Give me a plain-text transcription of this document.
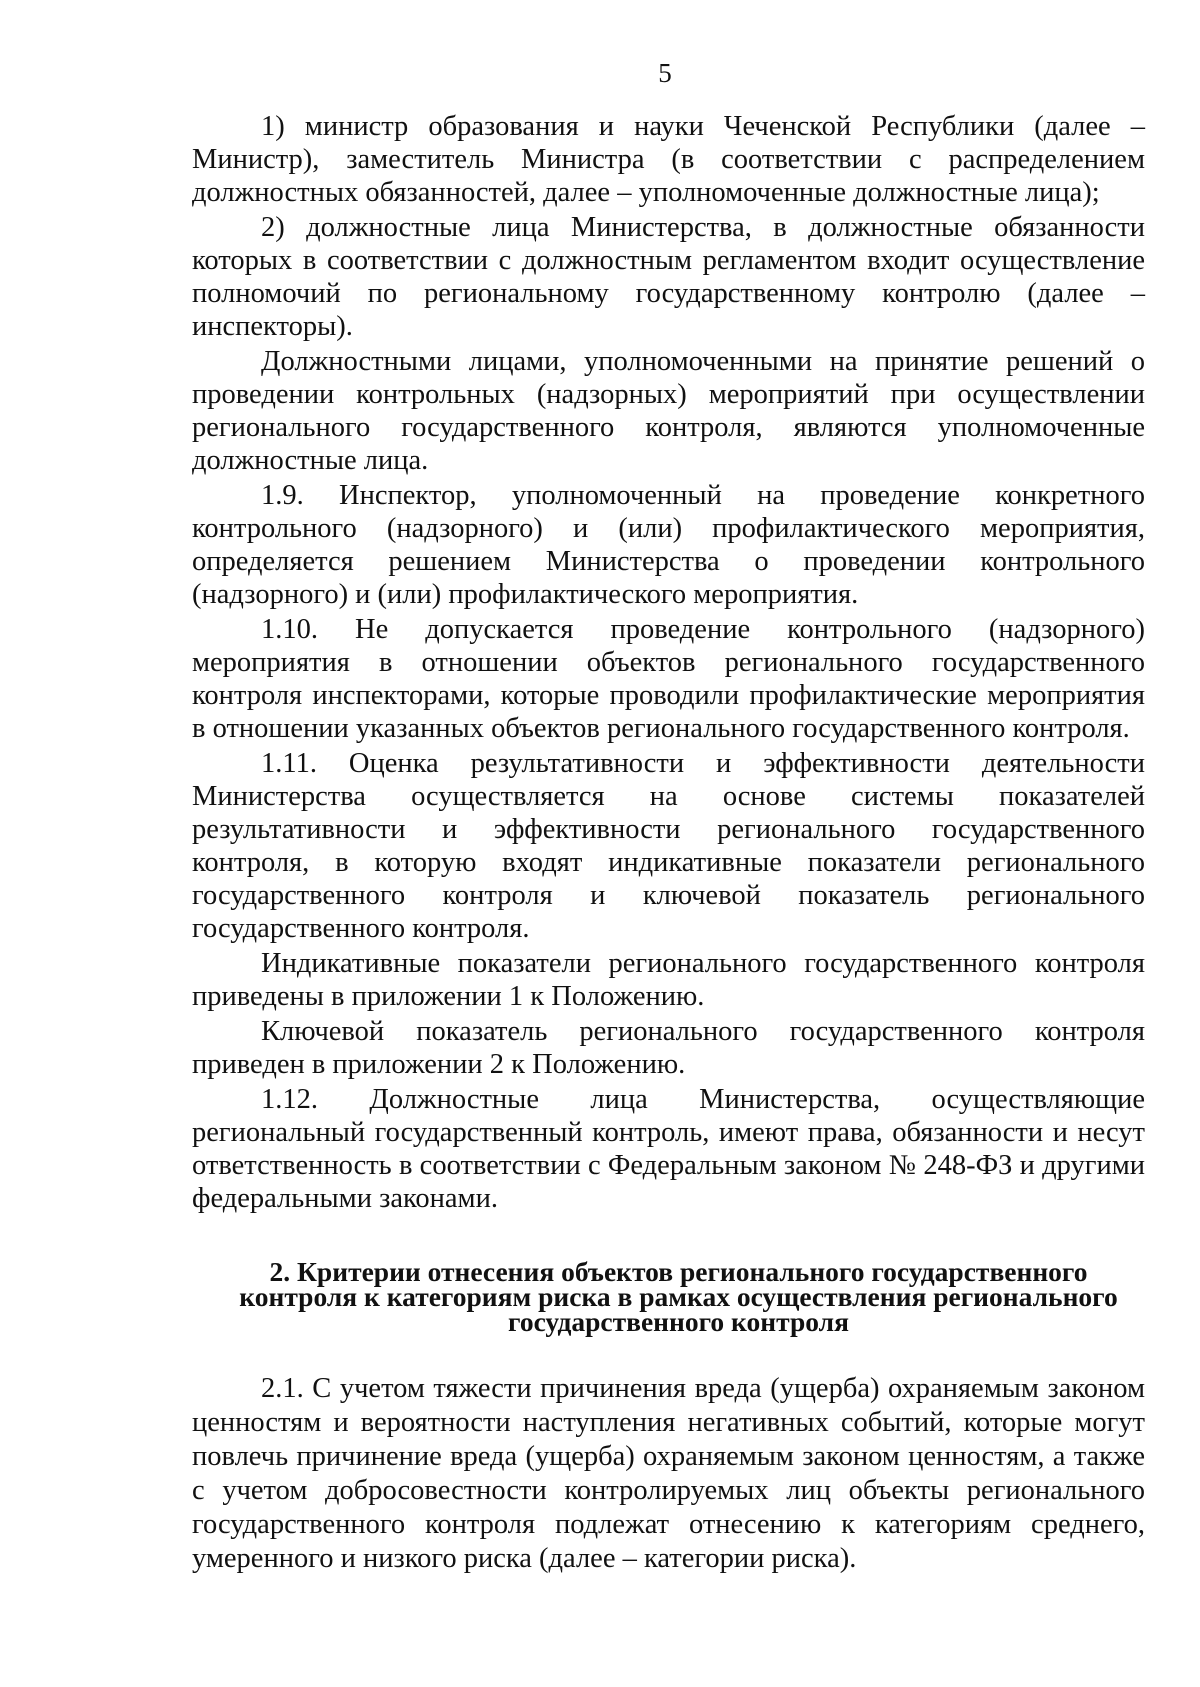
5

1) министр образования и науки Чеченской Республики (далее – Министр), заместитель Министра (в соответствии с распределением должностных обязанностей, далее – уполномоченные должностные лица);

2) должностные лица Министерства, в должностные обязанности которых в соответствии с должностным регламентом входит осуществление полномочий по региональному государственному контролю (далее – инспекторы).

Должностными лицами, уполномоченными на принятие решений о проведении контрольных (надзорных) мероприятий при осуществлении регионального государственного контроля, являются уполномоченные должностные лица.

1.9. Инспектор, уполномоченный на проведение конкретного контрольного (надзорного) и (или) профилактического мероприятия, определяется решением Министерства о проведении контрольного (надзорного) и (или) профилактического мероприятия.

1.10. Не допускается проведение контрольного (надзорного) мероприятия в отношении объектов регионального государственного контроля инспекторами, которые проводили профилактические мероприятия в отношении указанных объектов регионального государственного контроля.

1.11. Оценка результативности и эффективности деятельности Министерства осуществляется на основе системы показателей результативности и эффективности регионального государственного контроля, в которую входят индикативные показатели регионального государственного контроля и ключевой показатель регионального государственного контроля.

Индикативные показатели регионального государственного контроля приведены в приложении 1 к Положению.

Ключевой показатель регионального государственного контроля приведен в приложении 2 к Положению.

1.12. Должностные лица Министерства, осуществляющие региональный государственный контроль, имеют права, обязанности и несут ответственность в соответствии с Федеральным законом № 248-ФЗ и другими федеральными законами.

2. Критерии отнесения объектов регионального государственного контроля к категориям риска в рамках осуществления регионального государственного контроля

2.1. С учетом тяжести причинения вреда (ущерба) охраняемым законом ценностям и вероятности наступления негативных событий, которые могут повлечь причинение вреда (ущерба) охраняемым законом ценностям, а также с учетом добросовестности контролируемых лиц объекты регионального государственного контроля подлежат отнесению к категориям среднего, умеренного и низкого риска (далее – категории риска).
